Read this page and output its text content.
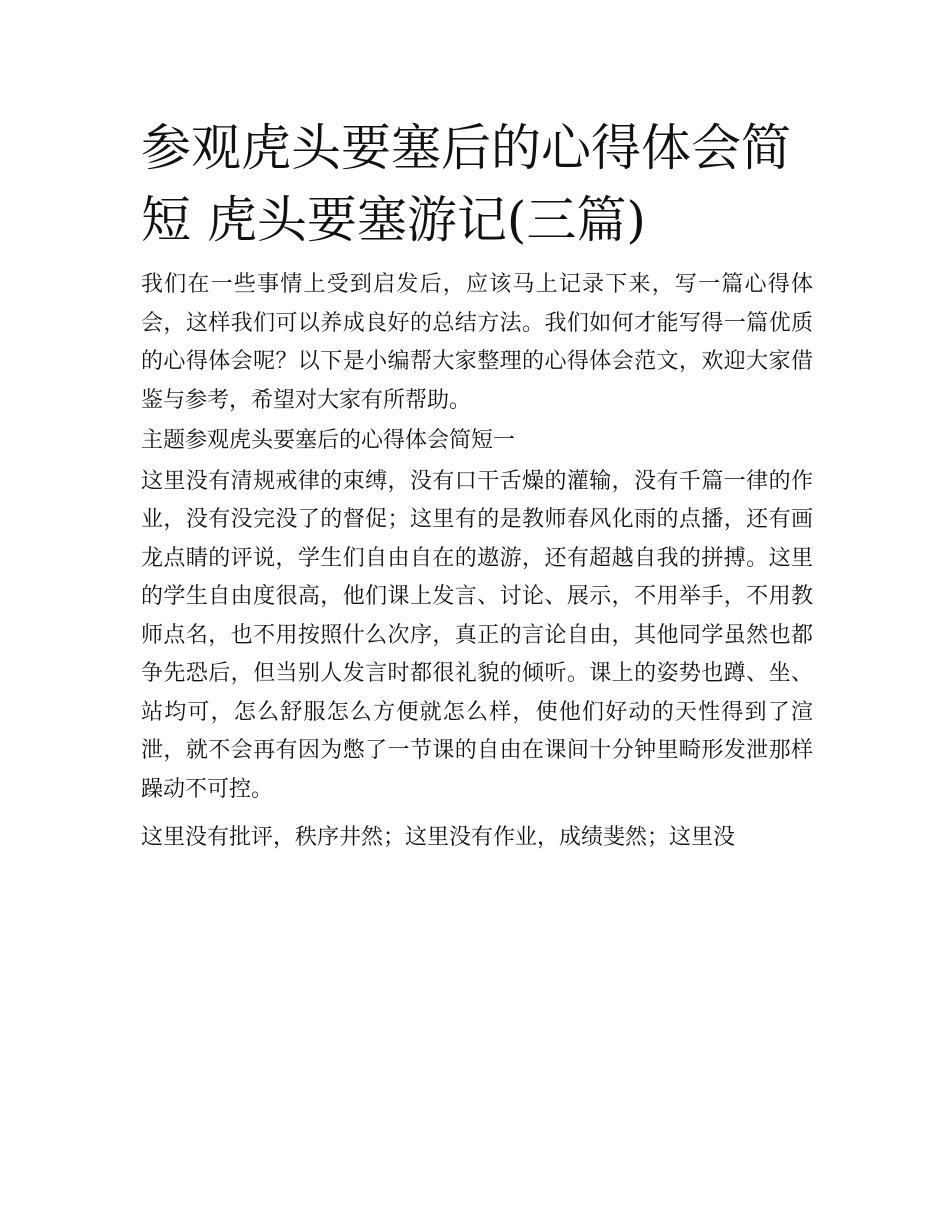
参观虎头要塞后的心得体会简短 虎头要塞游记(三篇)

我们在一些事情上受到启发后，应该马上记录下来，写一篇心得体会，这样我们可以养成良好的总结方法。我们如何才能写得一篇优质的心得体会呢？以下是小编帮大家整理的心得体会范文，欢迎大家借鉴与参考，希望对大家有所帮助。

主题参观虎头要塞后的心得体会简短一

这里没有清规戒律的束缚，没有口干舌燥的灌输，没有千篇一律的作业，没有没完没了的督促；这里有的是教师春风化雨的点播，还有画龙点睛的评说，学生们自由自在的遨游，还有超越自我的拼搏。这里的学生自由度很高，他们课上发言、讨论、展示，不用举手，不用教师点名，也不用按照什么次序，真正的言论自由，其他同学虽然也都争先恐后，但当别人发言时都很礼貌的倾听。课上的姿势也蹲、坐、站均可，怎么舒服怎么方便就怎么样，使他们好动的天性得到了渲泄，就不会再有因为憋了一节课的自由在课间十分钟里畸形发泄那样躁动不可控。

这里没有批评，秩序井然；这里没有作业，成绩斐然；这里没
